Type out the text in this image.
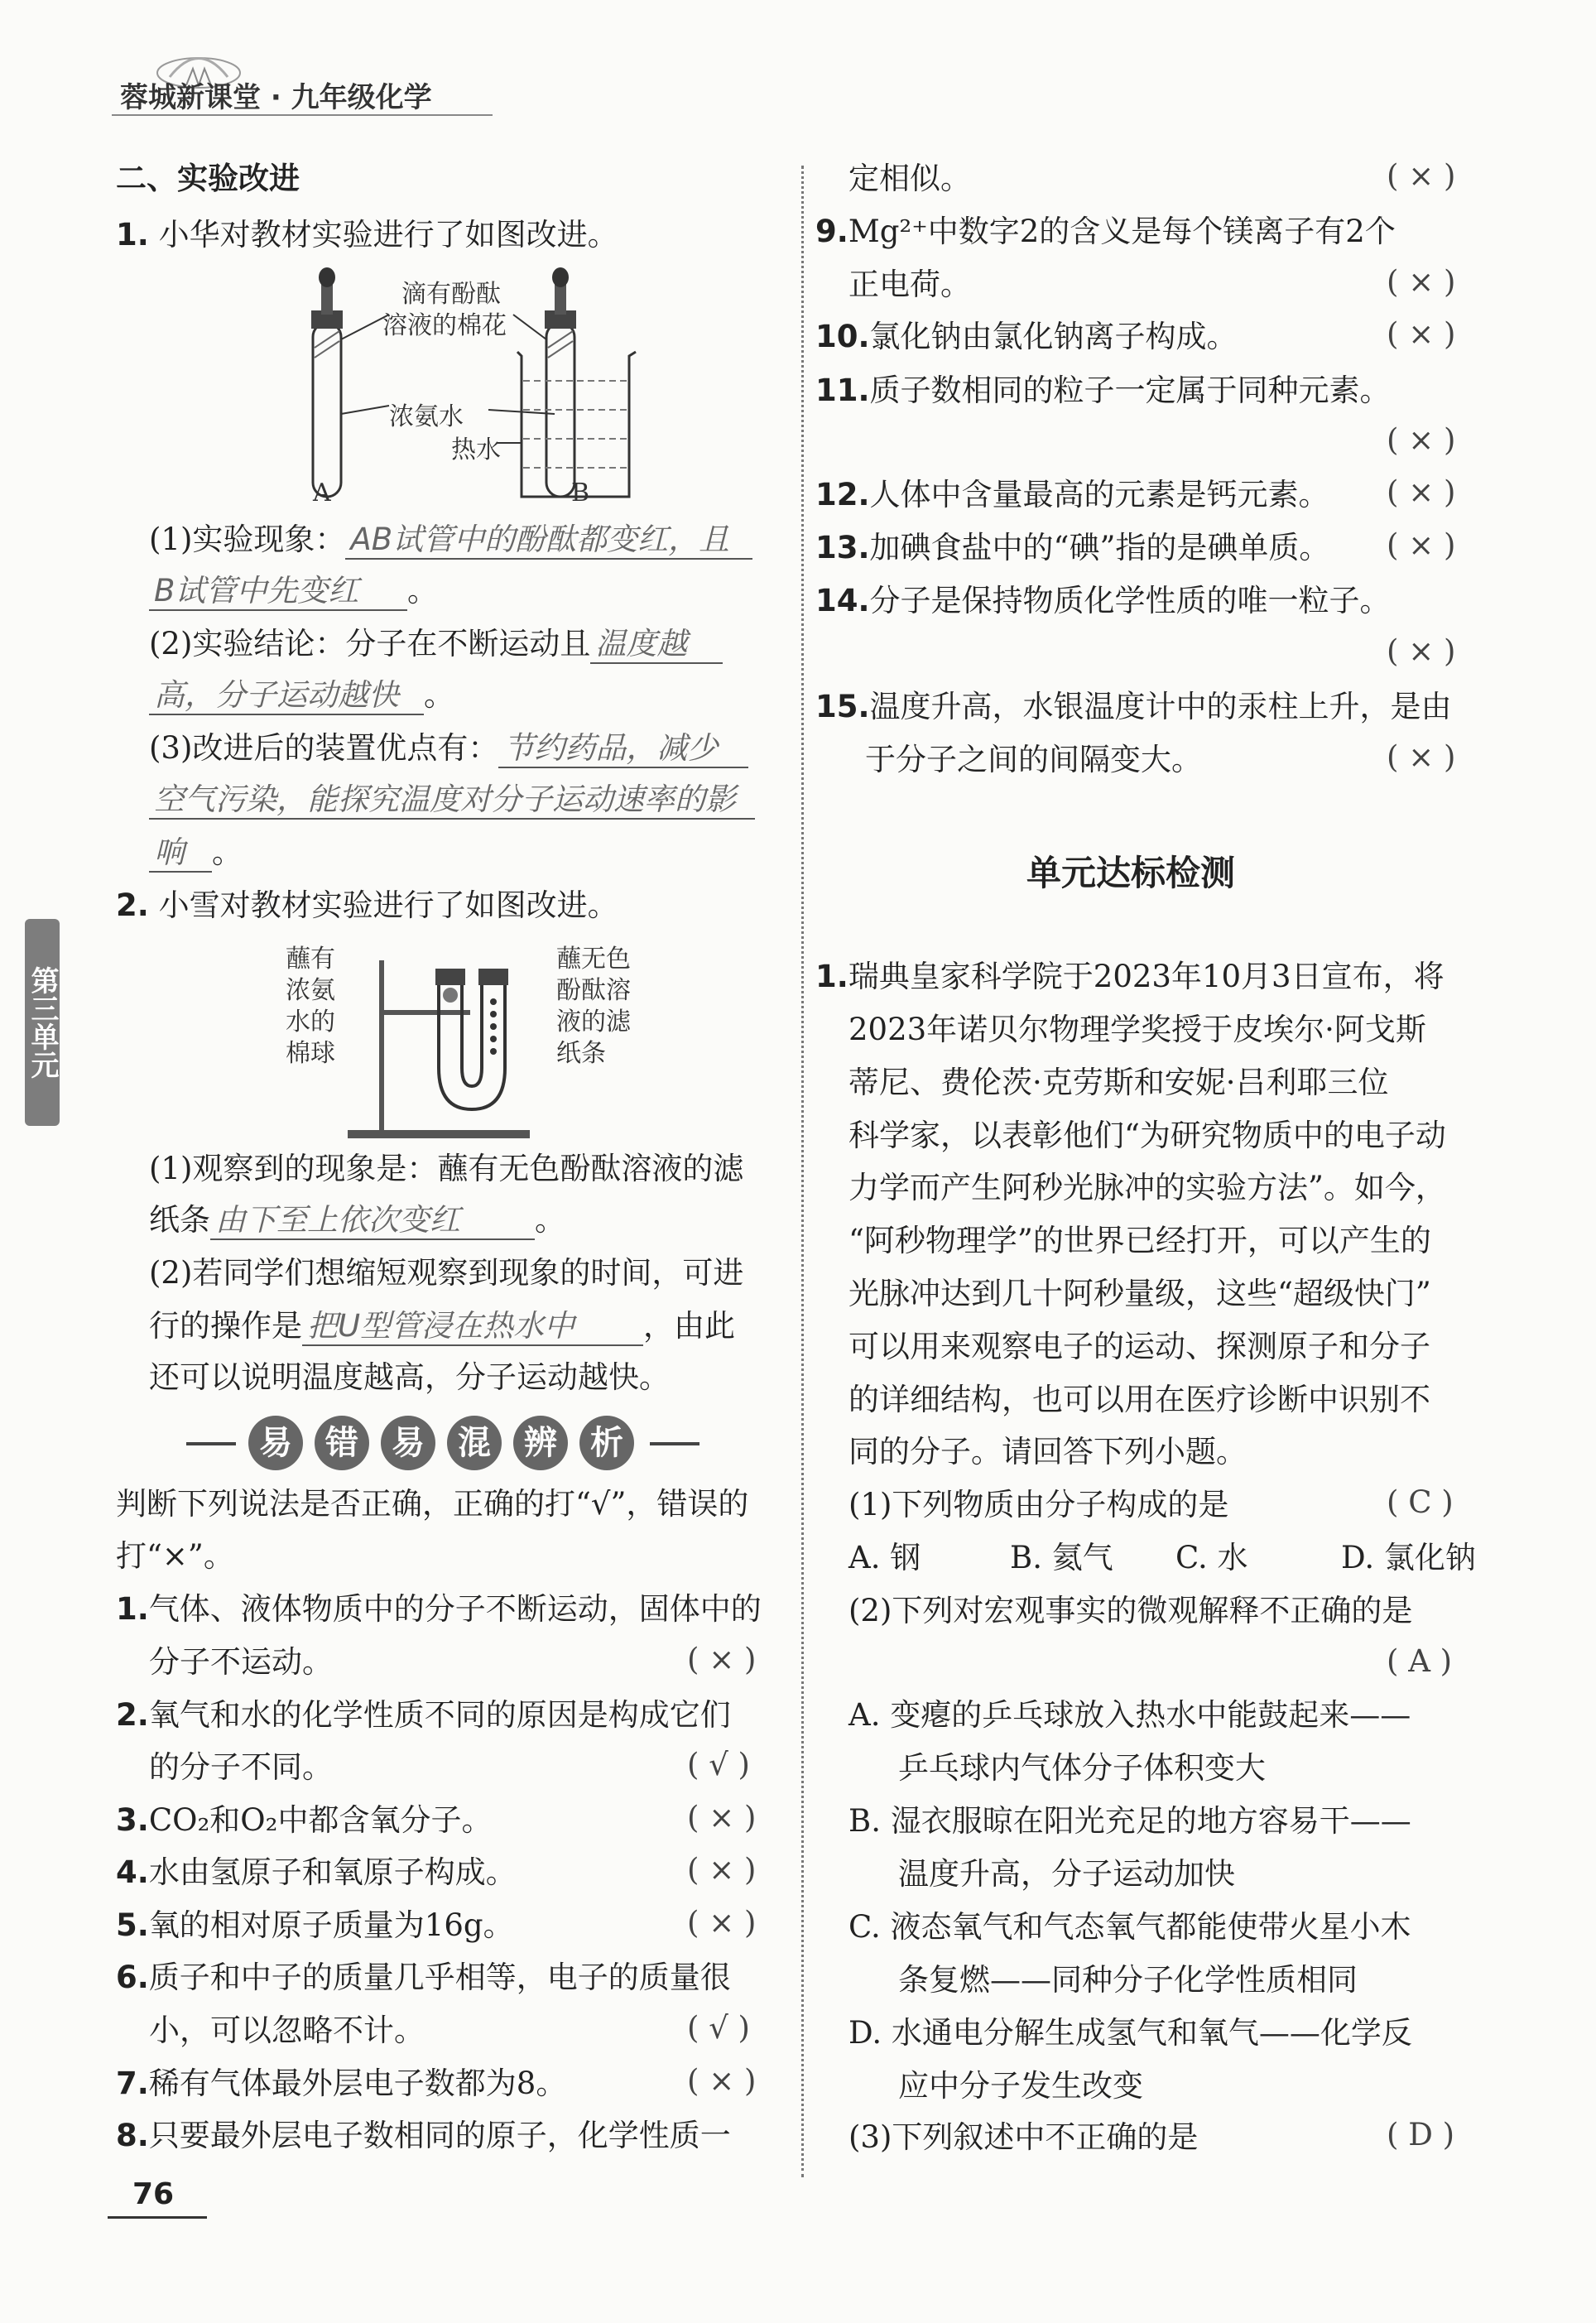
蓉城新课堂 · 九年级化学
第三单元
二、实验改进
1. 小华对教材实验进行了如图改进。
滴有酚酞
溶液的棉花
浓氨水
热水
A	B
(1)实验现象： AB试管中的酚酞都变红，且
B试管中先变红 。
(2)实验结论：分子在不断运动且 温度越
高，分子运动越快 。
(3)改进后的装置优点有： 节约药品，减少
空气污染，能探究温度对分子运动速率的影
响 。
2. 小雪对教材实验进行了如图改进。
蘸有
浓氨
水的
棉球
蘸无色
酚酞溶
液的滤
纸条
(1)观察到的现象是：蘸有无色酚酞溶液的滤
纸条 由下至上依次变红 。
(2)若同学们想缩短观察到现象的时间，可进
行的操作是 把U型管浸在热水中 ，由此
还可以说明温度越高，分子运动越快。
易	错	易	混	辨	析
判断下列说法是否正确，正确的打“√”，错误的
打“×”。
1.气体、液体物质中的分子不断运动，固体中的
分子不运动。	( × )
2.氧气和水的化学性质不同的原因是构成它们
的分子不同。	( √ )
3.CO₂和O₂中都含氧分子。	( × )
4.水由氢原子和氧原子构成。	( × )
5.氧的相对原子质量为16g。	( × )
6.质子和中子的质量几乎相等，电子的质量很
小，可以忽略不计。	( √ )
7.稀有气体最外层电子数都为8。	( × )
8.只要最外层电子数相同的原子，化学性质一
定相似。	( × )
9.Mg²⁺中数字2的含义是每个镁离子有2个
正电荷。	( × )
10.氯化钠由氯化钠离子构成。	( × )
11.质子数相同的粒子一定属于同种元素。
( × )
12.人体中含量最高的元素是钙元素。 ( × )
13.加碘食盐中的“碘”指的是碘单质。 ( × )
14.分子是保持物质化学性质的唯一粒子。
( × )
15.温度升高，水银温度计中的汞柱上升，是由
于分子之间的间隔变大。	( × )
单元达标检测
1.瑞典皇家科学院于2023年10月3日宣布，将
2023年诺贝尔物理学奖授于皮埃尔·阿戈斯
蒂尼、费伦茨·克劳斯和安妮·吕利耶三位
科学家，以表彰他们“为研究物质中的电子动
力学而产生阿秒光脉冲的实验方法”。如今，
“阿秒物理学”的世界已经打开，可以产生的
光脉冲达到几十阿秒量级，这些“超级快门”
可以用来观察电子的运动、探测原子和分子
的详细结构，也可以用在医疗诊断中识别不
同的分子。请回答下列小题。
(1)下列物质由分子构成的是	( C )
A. 钢	B. 氦气 C. 水	D. 氯化钠
(2)下列对宏观事实的微观解释不正确的是
( A )
A. 变瘪的乒乓球放入热水中能鼓起来——
乒乓球内气体分子体积变大
B. 湿衣服晾在阳光充足的地方容易干——
温度升高，分子运动加快
C. 液态氧气和气态氧气都能使带火星小木
条复燃——同种分子化学性质相同
D. 水通电分解生成氢气和氧气——化学反
应中分子发生改变
(3)下列叙述中不正确的是	( D )
76
